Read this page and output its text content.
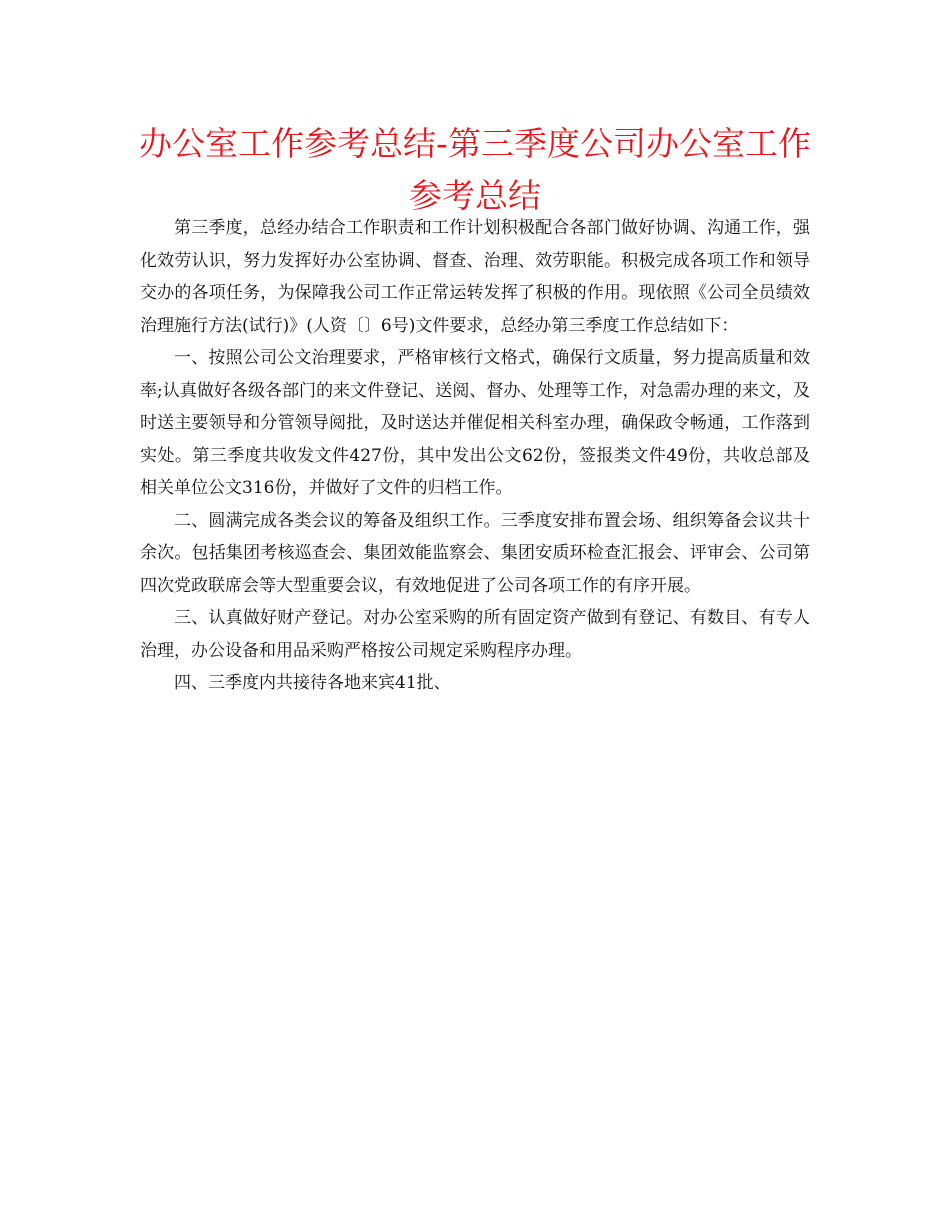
办公室工作参考总结-第三季度公司办公室工作参考总结

第三季度，总经办结合工作职责和工作计划积极配合各部门做好协调、沟通工作，强化效劳认识，努力发挥好办公室协调、督查、治理、效劳职能。积极完成各项工作和领导交办的各项任务，为保障我公司工作正常运转发挥了积极的作用。现依照《公司全员绩效治理施行方法(试行)》(人资〔〕6号)文件要求，总经办第三季度工作总结如下：

一、按照公司公文治理要求，严格审核行文格式，确保行文质量，努力提高质量和效率;认真做好各级各部门的来文件登记、送阅、督办、处理等工作，对急需办理的来文，及时送主要领导和分管领导阅批，及时送达并催促相关科室办理，确保政令畅通，工作落到实处。第三季度共收发文件427份，其中发出公文62份，签报类文件49份，共收总部及相关单位公文316份，并做好了文件的归档工作。

二、圆满完成各类会议的筹备及组织工作。三季度安排布置会场、组织筹备会议共十余次。包括集团考核巡查会、集团效能监察会、集团安质环检查汇报会、评审会、公司第四次党政联席会等大型重要会议，有效地促进了公司各项工作的有序开展。

三、认真做好财产登记。对办公室采购的所有固定资产做到有登记、有数目、有专人治理，办公设备和用品采购严格按公司规定采购程序办理。

四、三季度内共接待各地来宾41批、
